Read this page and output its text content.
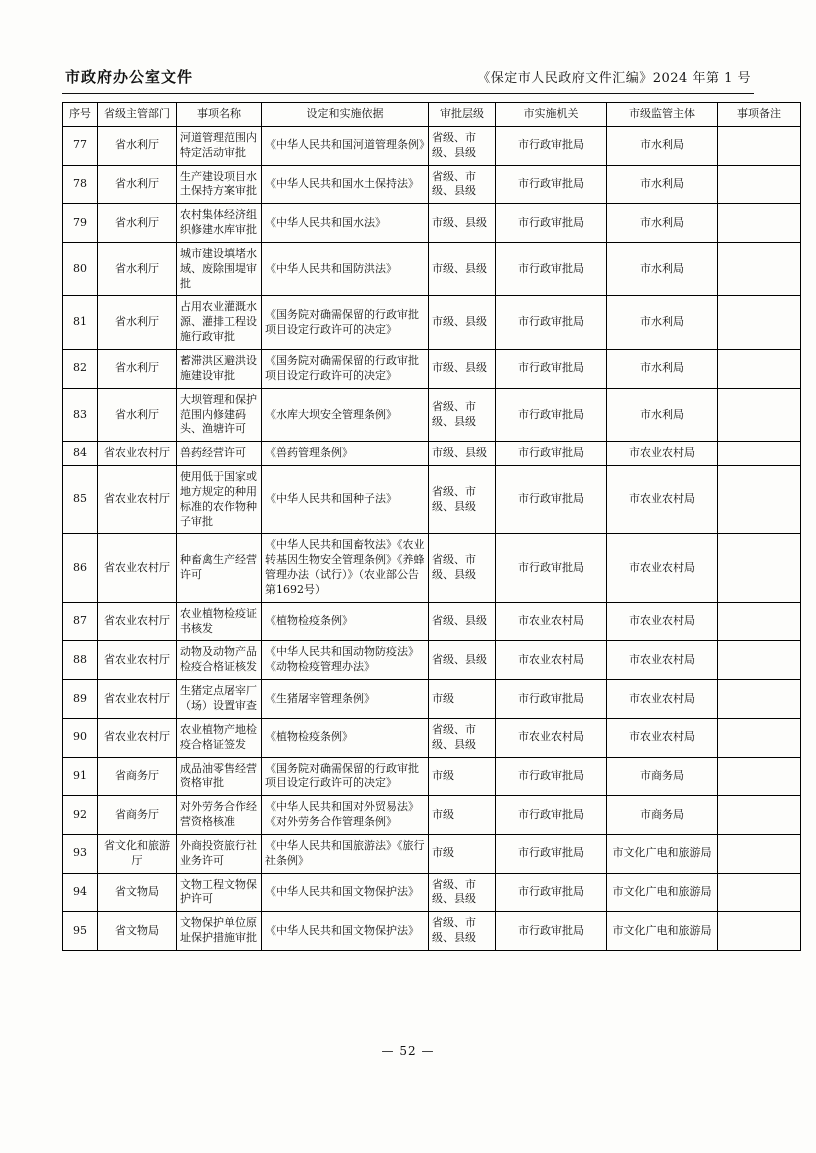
市政府办公室文件	《保定市人民政府文件汇编》2024 年第 1 号
序号	省级主管部门	事项名称	设定和实施依据	审批层级	市实施机关	市级监管主体	事项备注
77	省水利厅	河道管理范围内特定活动审批	《中华人民共和国河道管理条例》	省级、市级、县级	市行政审批局	市水利局	
78	省水利厅	生产建设项目水土保持方案审批	《中华人民共和国水土保持法》	省级、市级、县级	市行政审批局	市水利局	
79	省水利厅	农村集体经济组织修建水库审批	《中华人民共和国水法》	市级、县级	市行政审批局	市水利局	
80	省水利厅	城市建设填堵水域、废除围堤审批	《中华人民共和国防洪法》	市级、县级	市行政审批局	市水利局	
81	省水利厅	占用农业灌溉水源、灌排工程设施行政审批	《国务院对确需保留的行政审批项目设定行政许可的决定》	市级、县级	市行政审批局	市水利局	
82	省水利厅	蓄滞洪区避洪设施建设审批	《国务院对确需保留的行政审批项目设定行政许可的决定》	市级、县级	市行政审批局	市水利局	
83	省水利厅	大坝管理和保护范围内修建码头、渔塘许可	《水库大坝安全管理条例》	省级、市级、县级	市行政审批局	市水利局	
84	省农业农村厅	兽药经营许可	《兽药管理条例》	市级、县级	市行政审批局	市农业农村局	
85	省农业农村厅	使用低于国家或地方规定的种用标准的农作物种子审批	《中华人民共和国种子法》	省级、市级、县级	市行政审批局	市农业农村局	
86	省农业农村厅	种畜禽生产经营许可	《中华人民共和国畜牧法》《农业转基因生物安全管理条例》《养蜂管理办法（试行）》（农业部公告第1692号）	省级、市级、县级	市行政审批局	市农业农村局	
87	省农业农村厅	农业植物检疫证书核发	《植物检疫条例》	省级、县级	市农业农村局	市农业农村局	
88	省农业农村厅	动物及动物产品检疫合格证核发	《中华人民共和国动物防疫法》《动物检疫管理办法》	省级、县级	市农业农村局	市农业农村局	
89	省农业农村厅	生猪定点屠宰厂（场）设置审查	《生猪屠宰管理条例》	市级	市行政审批局	市农业农村局	
90	省农业农村厅	农业植物产地检疫合格证签发	《植物检疫条例》	省级、市级、县级	市农业农村局	市农业农村局	
91	省商务厅	成品油零售经营资格审批	《国务院对确需保留的行政审批项目设定行政许可的决定》	市级	市行政审批局	市商务局	
92	省商务厅	对外劳务合作经营资格核准	《中华人民共和国对外贸易法》《对外劳务合作管理条例》	市级	市行政审批局	市商务局	
93	省文化和旅游厅	外商投资旅行社业务许可	《中华人民共和国旅游法》《旅行社条例》	市级	市行政审批局	市文化广电和旅游局	
94	省文物局	文物工程文物保护许可	《中华人民共和国文物保护法》	省级、市级、县级	市行政审批局	市文化广电和旅游局	
95	省文物局	文物保护单位原址保护措施审批	《中华人民共和国文物保护法》	省级、市级、县级	市行政审批局	市文化广电和旅游局	
— 52 —
